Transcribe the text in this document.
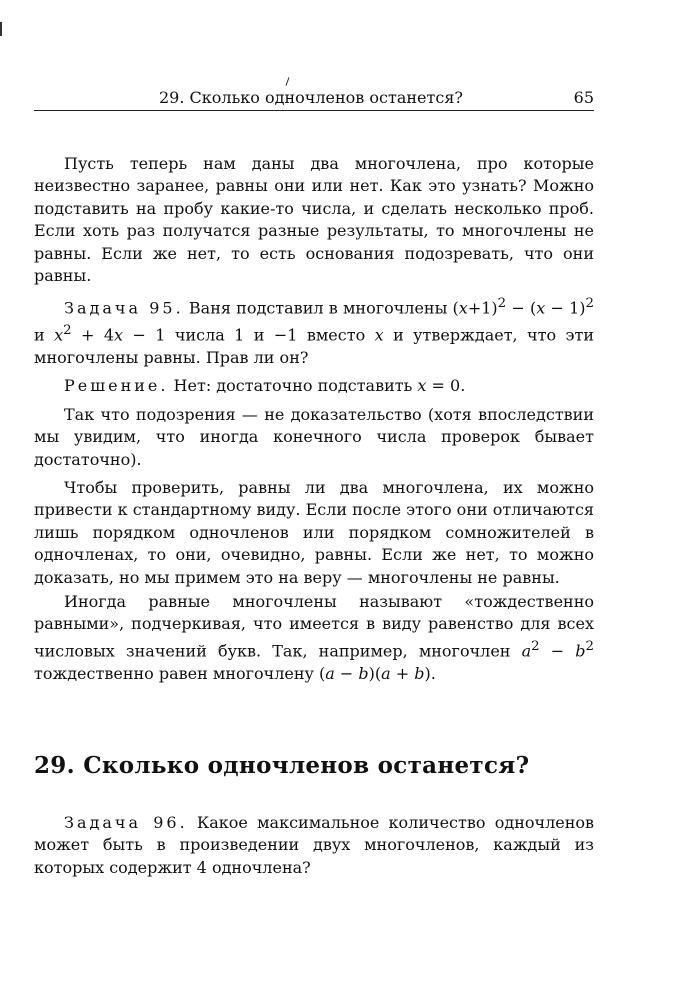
29. Сколько одночленов останется?	65

Пусть теперь нам даны два многочлена, про которые неизвестно заранее, равны они или нет. Как это узнать? Можно подставить на пробу какие-то числа, и сделать несколько проб. Если хоть раз получатся разные результаты, то многочлены не равны. Если же нет, то есть основания подозревать, что они равны.

Задача 95. Ваня подставил в многочлены $(x+1)^2 - (x - 1)^2$ и $x^2 + 4x - 1$ числа 1 и −1 вместо x и утверждает, что эти многочлены равны. Прав ли он?

Решение. Нет: достаточно подставить x = 0.

Так что подозрения — не доказательство (хотя впоследствии мы увидим, что иногда конечного числа проверок бывает достаточно).

Чтобы проверить, равны ли два многочлена, их можно привести к стандартному виду. Если после этого они отличаются лишь порядком одночленов или порядком сомножителей в одночленах, то они, очевидно, равны. Если же нет, то можно доказать, но мы примем это на веру — многочлены не равны.

Иногда равные многочлены называют «тождественно равными», подчеркивая, что имеется в виду равенство для всех числовых значений букв. Так, например, многочлен $a^2 - b^2$ тождественно равен многочлену (a − b)(a + b).

29. Сколько одночленов останется?

Задача 96. Какое максимальное количество одночленов может быть в произведении двух многочленов, каждый из которых содержит 4 одночлена?
